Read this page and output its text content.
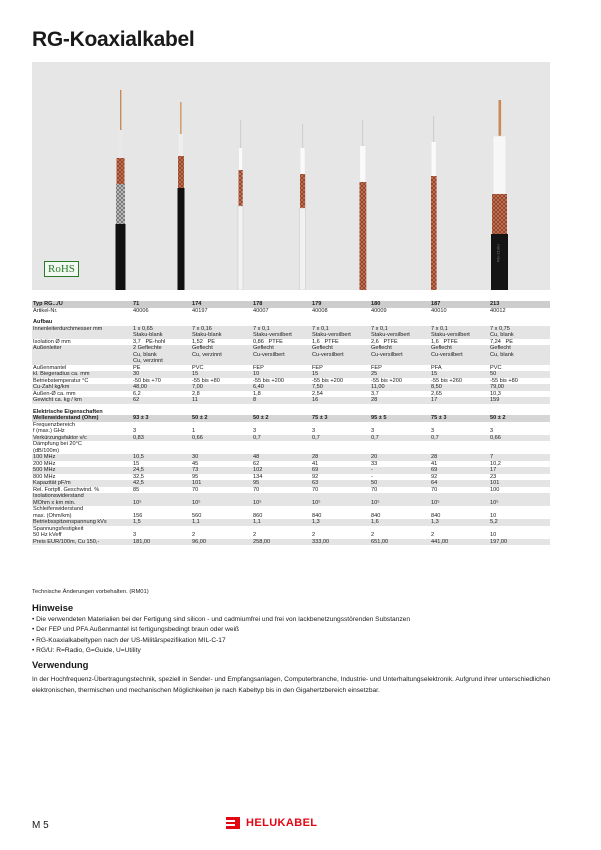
RG-Koaxialkabel
RG-213/U
RoHS
Typ RG.../U	71	174	178	179	180	187	213
Artikel-Nr.	40006	40197	40007	40008	40009	40010	40012
Aufbau
Innenleiterdurchmesser mm	1 x 0,65	7 x 0,16	7 x 0,1	7 x 0,1	7 x 0,1	7 x 0,1	7 x 0,75
Staku-blank	Staku-blank	Staku-versilbert	Staku-versilbert	Staku-versilbert	Staku-versilbert	Cu, blank
Isolation Ø mm	3,7   PE-hohl	1,52   PE	0,86   PTFE	1,6   PTFE	2,6   PTFE	1,6   PTFE	7,24   PE
Außenleiter	2 Geflechte	Geflecht	Geflecht	Geflecht	Geflecht	Geflecht	Geflecht
Cu, blank	Cu, verzinnt	Cu-versilbert	Cu-versilbert	Cu-versilbert	Cu-versilbert	Cu, blank
Cu, verzinnt
Außenmantel	PE	PVC	FEP	FEP	FEP	PFA	PVC
kl. Biegeradius ca. mm	30	15	10	15	25	15	50
Betriebstemperatur °C	-50 bis +70	-55 bis +80	-55 bis +200	-55 bis +200	-55 bis +200	-55 bis +260	-55 bis +80
Cu-Zahl kg/km	48,00	7,00	6,40	7,50	11,00	8,50	79,00
Außen-Ø ca. mm	6,2	2,8	1,8	2,54	3,7	2,65	10,3
Gewicht ca. kg / km	62	11	8	16	28	17	159
Elektrische Eigenschaften
Wellenwiderstand (Ohm)	93 ± 3	50 ± 2	50 ± 2	75 ± 3	95 ± 5	75 ± 3	50 ± 2
Frequenzbereich
f (max.) GHz	3	1	3	3	3	3	3
Verkürzungsfaktor v/c	0,83	0,66	0,7	0,7	0,7	0,7	0,66
Dämpfung bei 20°C
(dB/100m)
100 MHz	10,5	30	48	28	20	28	7
200 MHz	15	45	62	41	33	41	10,2
500 MHz	24,5	73	102	69	-	69	17
800 MHz	32,5	95	134	92	-	92	23
Kapazität pF/m	42,5	101	95	63	50	64	101
Rel. Fortpfl. Geschwind. %	85	70	70	70	70	70	100
Isolationswiderstand
MOhm x km min.	10⁵	10⁵	10⁵	10⁵	10⁵	10⁵	10⁵
Schleifenwiderstand
max. (Ohm/km)	156	560	860	840	840	840	10
Betriebsspitzenspannung kVs	1,5	1,1	1,1	1,3	1,6	1,3	5,2
Spannungsfestigkeit
50 Hz kVeff	3	2	2	2	2	2	10
Preis EUR/100m, Cu 150,-	181,00	96,00	258,00	333,00	651,00	441,00	197,00
Technische Änderungen vorbehalten. (RM01)
Hinweise
• Die verwendeten Materialien bei der Fertigung sind silicon - und cadmiumfrei und frei von lackbenetzungsstörenden Substanzen
• Der FEP und PFA Außenmantel ist fertigungsbedingt braun oder weiß
• RG-Koaxialkabeltypen nach der US-Militärspezifikation MIL-C-17
• RG/U: R=Radio, G=Guide, U=Utility
Verwendung
In der Hochfrequenz-Übertragungstechnik, speziell in Sender- und Empfangsanlagen, Computerbranche, Industrie- und Unterhaltungselektronik. Aufgrund ihrer unterschiedlichen elektronischen, thermischen und mechanischen Möglichkeiten je nach Kabeltyp bis in den Gigahertzbereich einsetzbar.
M 5	HELUKABEL
